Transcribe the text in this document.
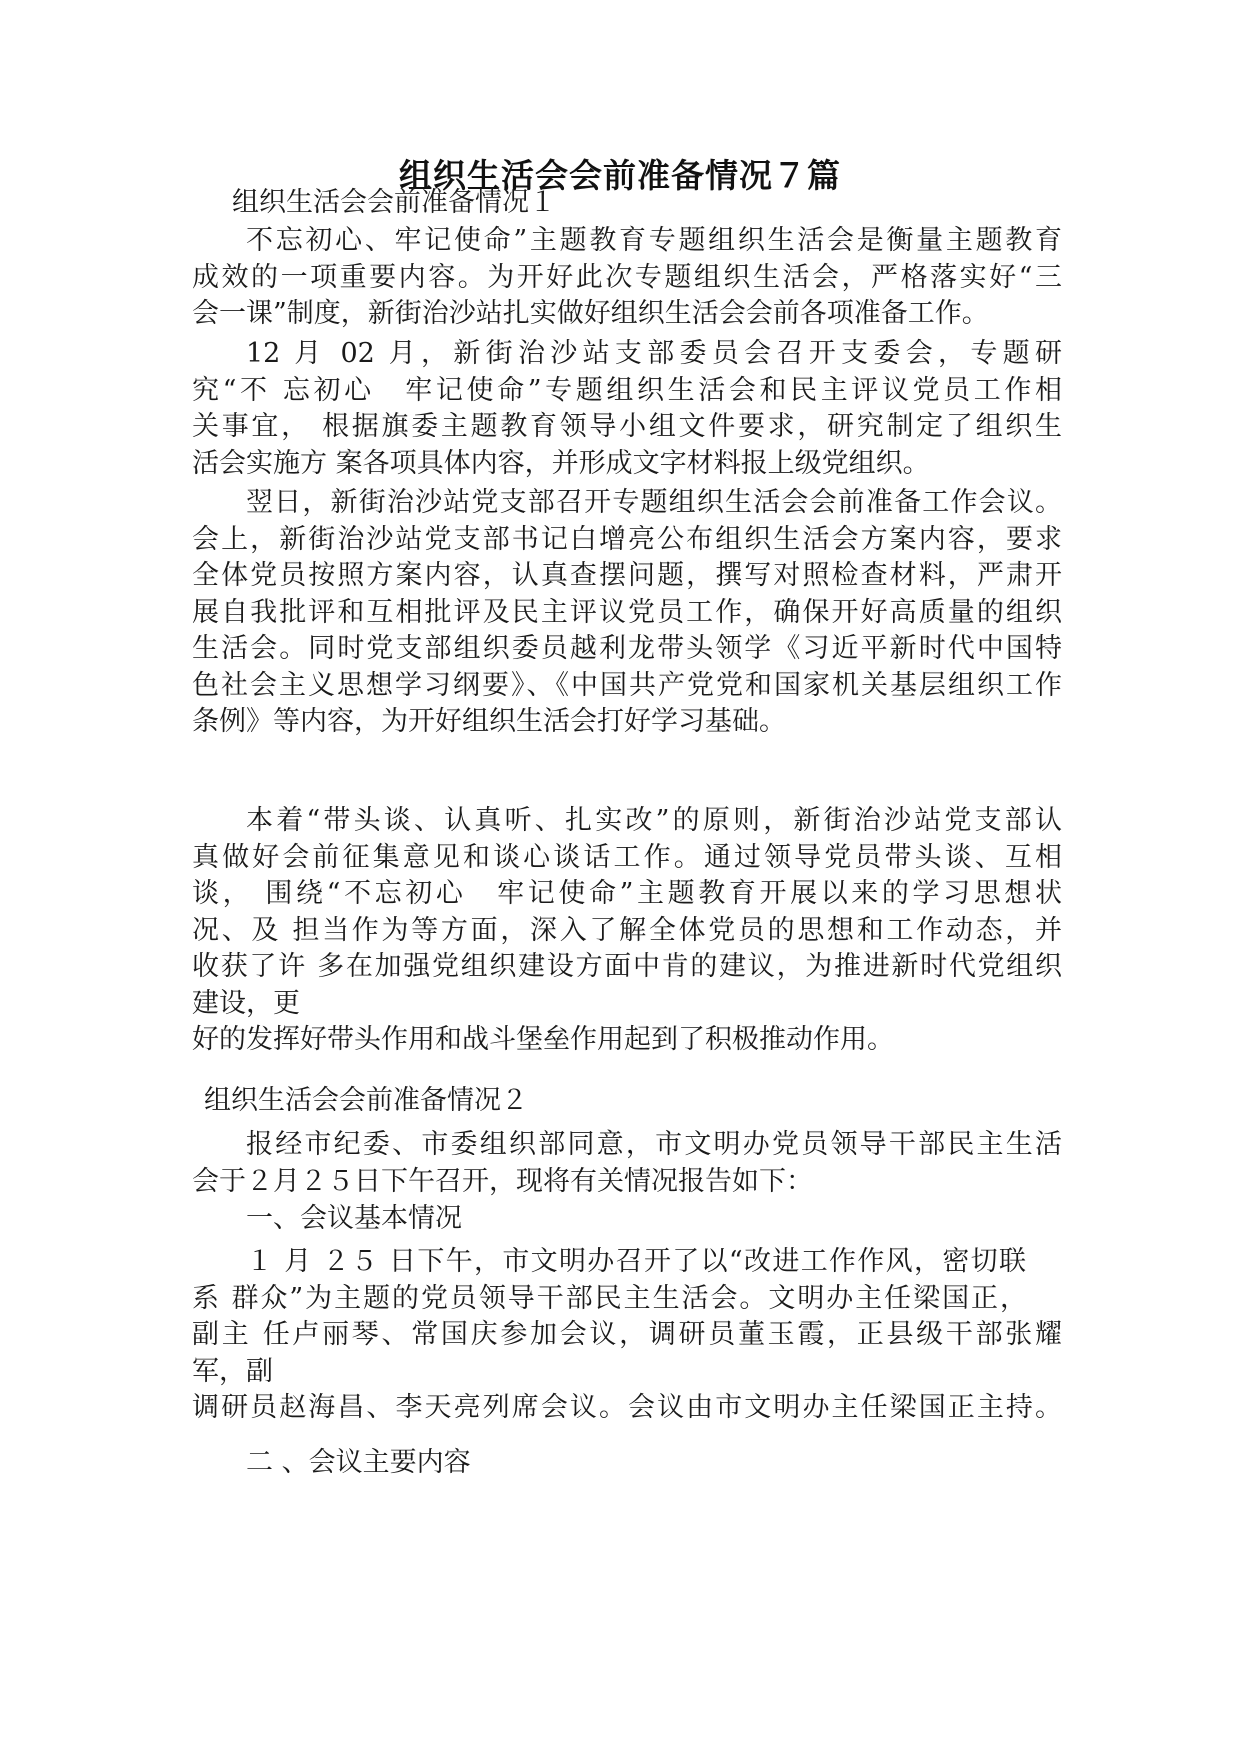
组织生活会会前准备情况７篇
组织生活会会前准备情况１
不忘初心、牢记使命”主题教育专题组织生活会是衡量主题教育
成效的一项重要内容。为开好此次专题组织生活会，严格落实好“三
会一课”制度，新街治沙站扎实做好组织生活会会前各项准备工作。
12 月 02 月，新街治沙站支部委员会召开支委会，专题研
究“不 忘初心　牢记使命”专题组织生活会和民主评议党员工作相
关事宜， 根据旗委主题教育领导小组文件要求，研究制定了组织生
活会实施方 案各项具体内容，并形成文字材料报上级党组织。
翌日，新街治沙站党支部召开专题组织生活会会前准备工作会议。
会上，新街治沙站党支部书记白增亮公布组织生活会方案内容，要求
全体党员按照方案内容，认真查摆问题，撰写对照检查材料，严肃开
展自我批评和互相批评及民主评议党员工作，确保开好高质量的组织
生活会。同时党支部组织委员越利龙带头领学《习近平新时代中国特
色社会主义思想学习纲要》、《中国共产党党和国家机关基层组织工作
条例》等内容，为开好组织生活会打好学习基础。
本着“带头谈、认真听、扎实改”的原则，新街治沙站党支部认
真做好会前征集意见和谈心谈话工作。通过领导党员带头谈、互相
谈， 围绕“不忘初心　牢记使命”主题教育开展以来的学习思想状
况、及 担当作为等方面，深入了解全体党员的思想和工作动态，并
收获了许 多在加强党组织建设方面中肯的建议，为推进新时代党组织
建设，更
好的发挥好带头作用和战斗堡垒作用起到了积极推动作用。
组织生活会会前准备情况２
报经市纪委、市委组织部同意，市文明办党员领导干部民主生活
会于２月２５日下午召开，现将有关情况报告如下：
一、会议基本情况
１ 月 ２５ 日下午，市文明办召开了以“改进工作作风，密切联
系 群众”为主题的党员领导干部民主生活会。文明办主任梁国正，
副主 任卢丽琴、常国庆参加会议，调研员董玉霞，正县级干部张耀
军，副
调研员赵海昌、李天亮列席会议。会议由市文明办主任梁国正主持。
二 、会议主要内容
